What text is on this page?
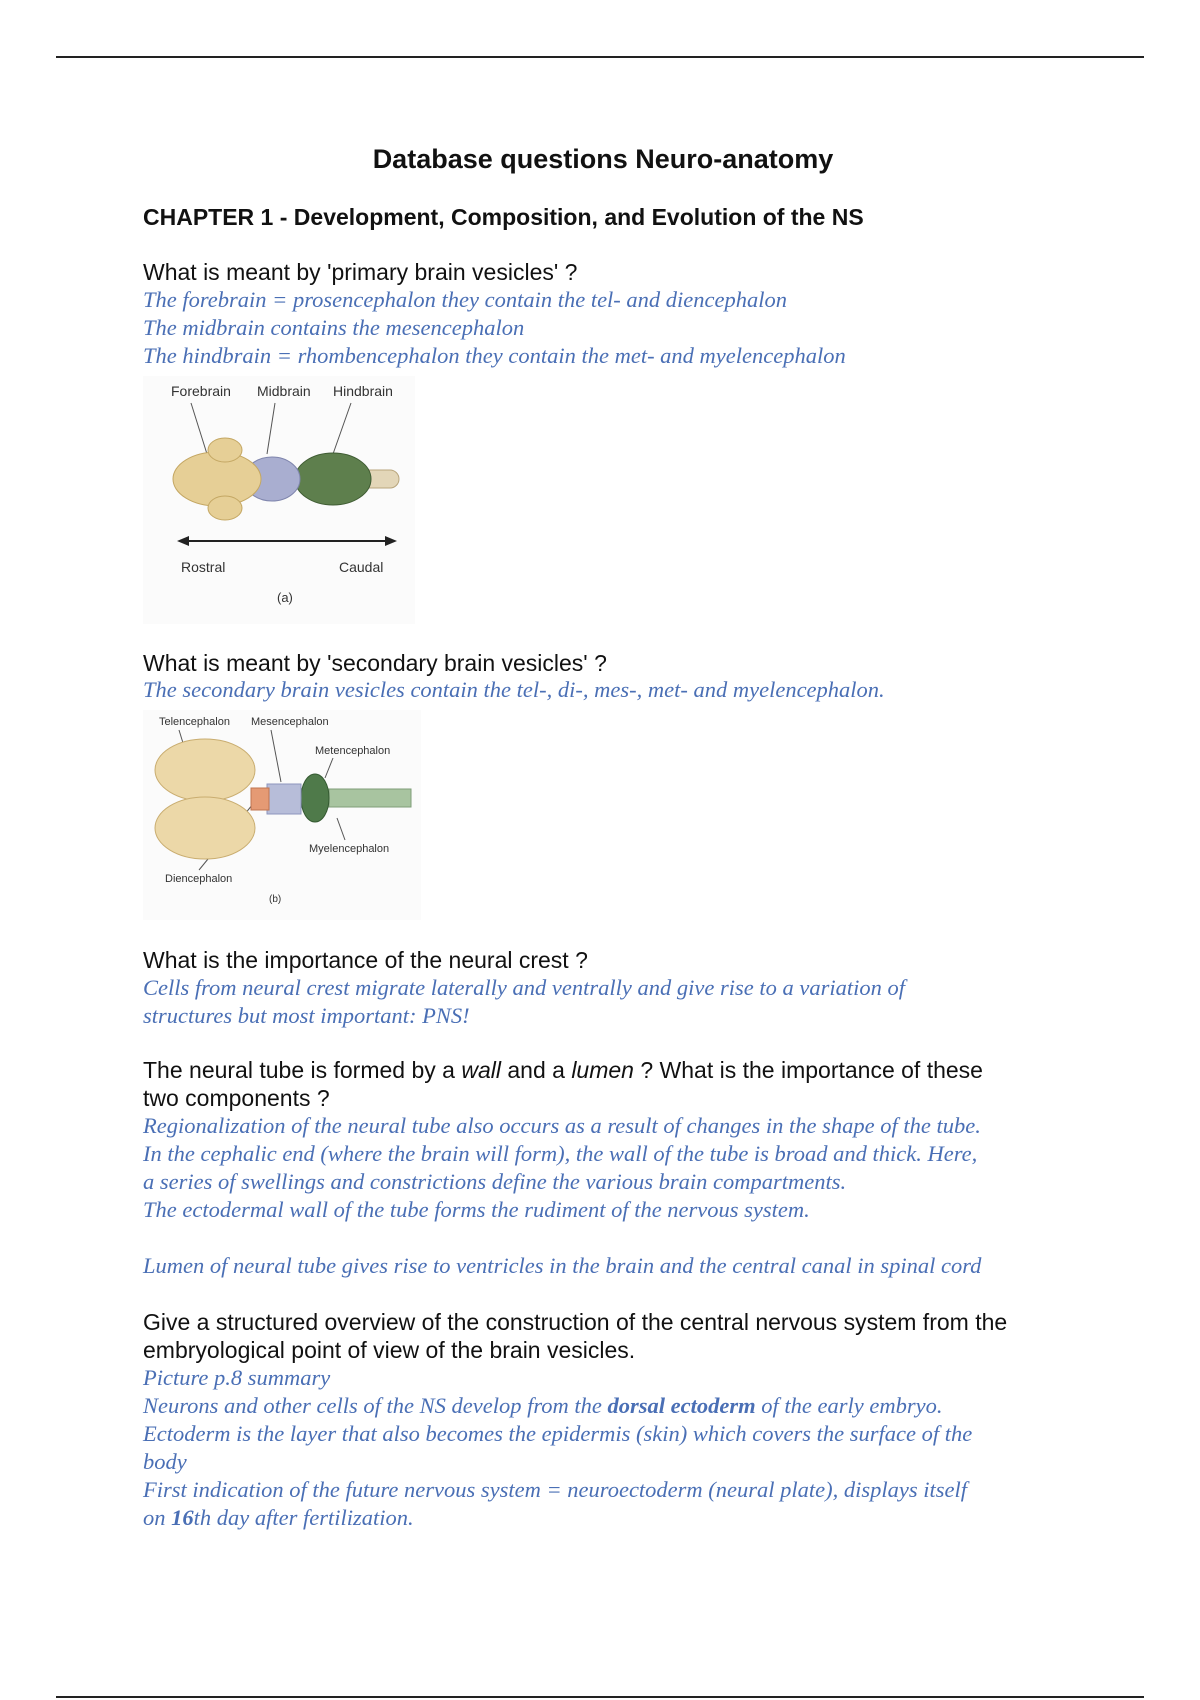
Database questions Neuro-anatomy
CHAPTER 1 - Development, Composition, and Evolution of the NS
What is meant by 'primary brain vesicles' ?
The forebrain = prosencephalon they contain the tel- and diencephalon
The midbrain contains the mesencephalon
The hindbrain = rhombencephalon they contain the met- and myelencephalon
Forebrain Midbrain Hindbrain
Rostral	Caudal
(a)
What is meant by 'secondary brain vesicles' ?
The secondary brain vesicles contain the tel-, di-, mes-, met- and myelencephalon.
Telencephalon Mesencephalon
Metencephalon
Myelencephalon
Diencephalon
(b)
What is the importance of the neural crest ?
Cells from neural crest migrate laterally and ventrally and give rise to a variation of
structures but most important: PNS!
The neural tube is formed by a wall and a lumen ? What is the importance of these
two components ?
Regionalization of the neural tube also occurs as a result of changes in the shape of the tube.
In the cephalic end (where the brain will form), the wall of the tube is broad and thick. Here,
a series of swellings and constrictions define the various brain compartments.
The ectodermal wall of the tube forms the rudiment of the nervous system.
Lumen of neural tube gives rise to ventricles in the brain and the central canal in spinal cord
Give a structured overview of the construction of the central nervous system from the
embryological point of view of the brain vesicles.
Picture p.8 summary
Neurons and other cells of the NS develop from the dorsal ectoderm of the early embryo.
Ectoderm is the layer that also becomes the epidermis (skin) which covers the surface of the
body
First indication of the future nervous system = neuroectoderm (neural plate), displays itself
on 16th day after fertilization.
